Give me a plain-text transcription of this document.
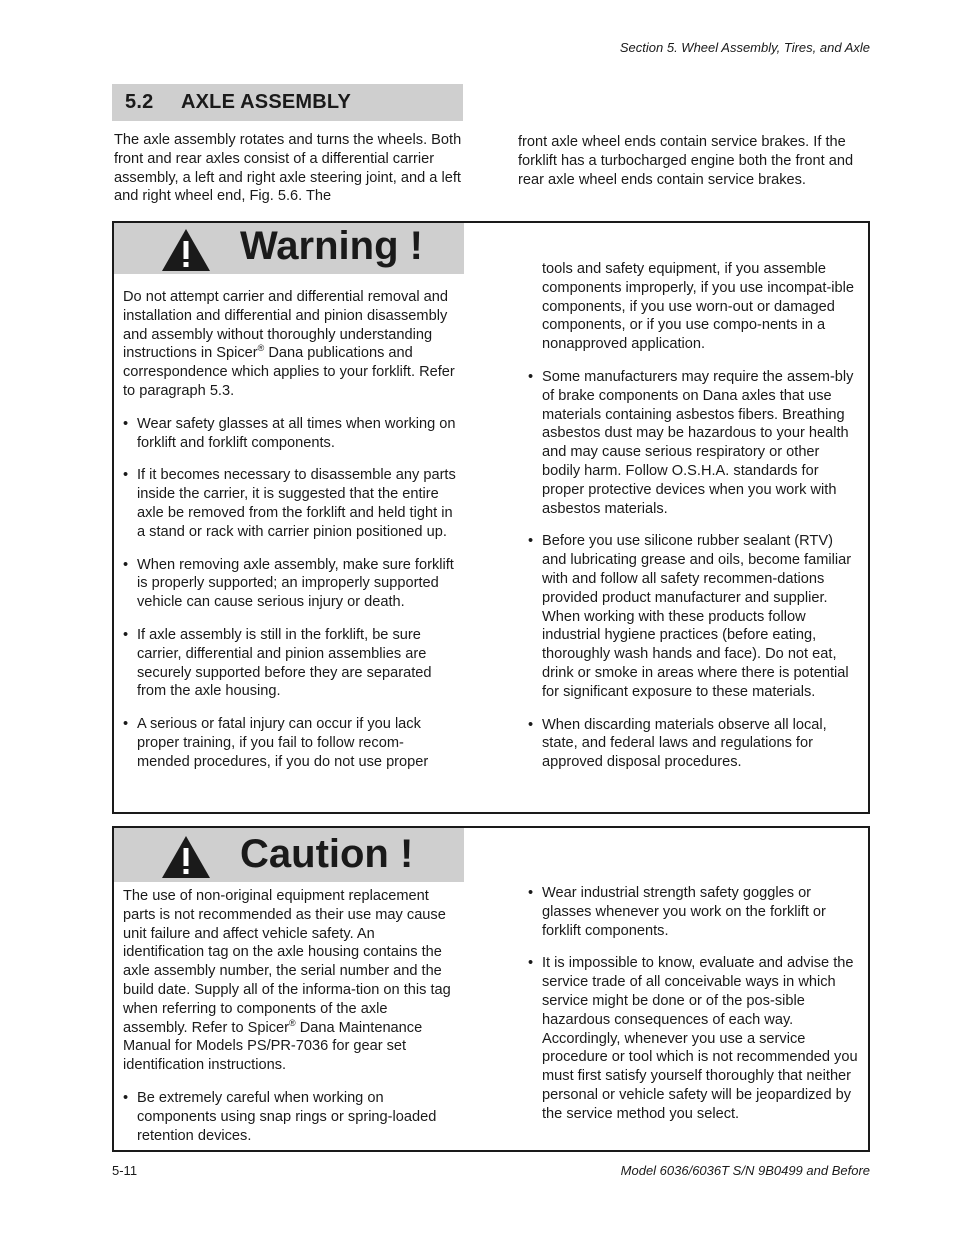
Section 5. Wheel Assembly, Tires, and Axle
5.2 AXLE ASSEMBLY

The axle assembly rotates and turns the wheels. Both front and rear axles consist of a differential carrier assembly, a left and right axle steering joint, and a left and right wheel end, Fig. 5.6. The

front axle wheel ends contain service brakes. If the forklift has a turbocharged engine both the front and rear axle wheel ends contain service brakes.

Warning !

Do not attempt carrier and differential removal and installation and differential and pinion disassembly and assembly without thoroughly understanding instructions in Spicer® Dana publications and correspondence which applies to your forklift. Refer to paragraph 5.3.

• Wear safety glasses at all times when working on forklift and forklift components.
• If it becomes necessary to disassemble any parts inside the carrier, it is suggested that the entire axle be removed from the forklift and held tight in a stand or rack with carrier pinion positioned up.
• When removing axle assembly, make sure forklift is properly supported; an improperly supported vehicle can cause serious injury or death.
• If axle assembly is still in the forklift, be sure carrier, differential and pinion assemblies are securely supported before they are separated from the axle housing.
• A serious or fatal injury can occur if you lack proper training, if you fail to follow recom-mended procedures, if you do not use proper

tools and safety equipment, if you assemble components improperly, if you use incompat-ible components, if you use worn-out or damaged components, or if you use compo-nents in a nonapproved application.

• Some manufacturers may require the assem-bly of brake components on Dana axles that use materials containing asbestos fibers. Breathing asbestos dust may be hazardous to your health and may cause serious respiratory or other bodily harm. Follow O.S.H.A. standards for proper protective devices when you work with asbestos materials.
• Before you use silicone rubber sealant (RTV) and lubricating grease and oils, become familiar with and follow all safety recommen-dations provided product manufacturer and supplier. When working with these products follow industrial hygiene practices (before eating, thoroughly wash hands and face). Do not eat, drink or smoke in areas where there is potential for significant exposure to these materials.
• When discarding materials observe all local, state, and federal laws and regulations for approved disposal procedures.
Caution !

The use of non-original equipment replacement parts is not recommended as their use may cause unit failure and affect vehicle safety. An identification tag on the axle housing contains the axle assembly number, the serial number and the build date. Supply all of the informa-tion on this tag when referring to components of the axle assembly. Refer to Spicer® Dana Maintenance Manual for Models PS/PR-7036 for gear set identification instructions.

• Be extremely careful when working on components using snap rings or spring-loaded retention devices.
• Wear industrial strength safety goggles or glasses whenever you work on the forklift or forklift components.
• It is impossible to know, evaluate and advise the service trade of all conceivable ways in which service might be done or of the pos-sible hazardous consequences of each way. Accordingly, whenever you use a service procedure or tool which is not recommended you must first satisfy yourself thoroughly that neither personal or vehicle safety will be jeopardized by the service method you select.
5-11	Model 6036/6036T S/N 9B0499 and Before
